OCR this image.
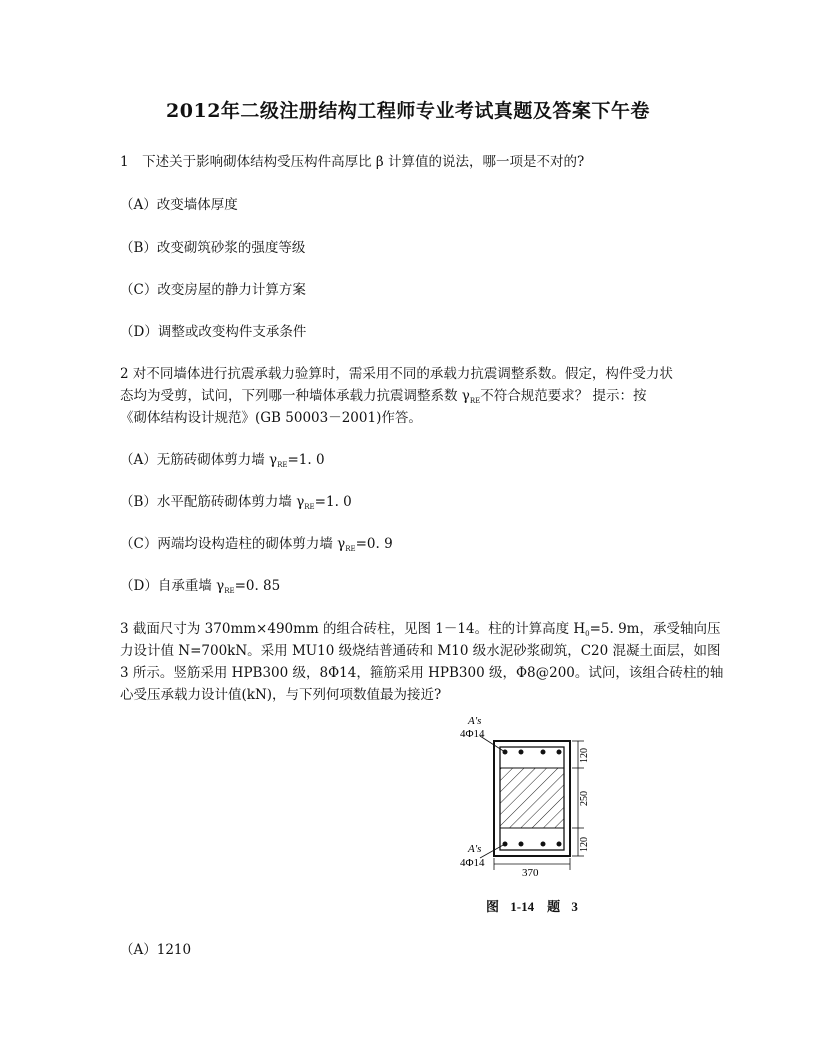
2012年二级注册结构工程师专业考试真题及答案下午卷
1　下述关于影响砌体结构受压构件高厚比 β 计算值的说法，哪一项是不对的?
（A）改变墙体厚度
（B）改变砌筑砂浆的强度等级
（C）改变房屋的静力计算方案
（D）调整或改变构件支承条件
2 对不同墙体进行抗震承载力验算时，需采用不同的承载力抗震调整系数。假定，构件受力状
态均为受剪，试问，下列哪一种墙体承载力抗震调整系数 $\gamma_{RE}$不符合规范要求？ 提示：按
《砌体结构设计规范》(GB 50003－2001)作答。
（A）无筋砖砌体剪力墙 $\gamma_{RE}=1$. 0
（B）水平配筋砖砌体剪力墙 $\gamma_{RE}=1$. 0
（C）两端均设构造柱的砌体剪力墙 $\gamma_{RE}=0$. 9
（D）自承重墙 $\gamma_{RE}=0$. 85
3 截面尺寸为 370mm×490mm 的组合砖柱，见图 1－14。柱的计算高度 $H_0=5$. 9m，承受轴向压
力设计值 N=700kN。采用 MU10 级烧结普通砖和 M10 级水泥砂浆砌筑，C20 混凝土面层，如图
3 所示。竖筋采用 HPB300 级，8Φ14，箍筋采用 HPB300 级，Φ8@200。试问，该组合砖柱的轴
心受压承载力设计值(kN)，与下列何项数值最为接近?
A′s
4Φ14
A′s
4Φ14
120
250
120
370
图 1-14　题 3
（A）1210
